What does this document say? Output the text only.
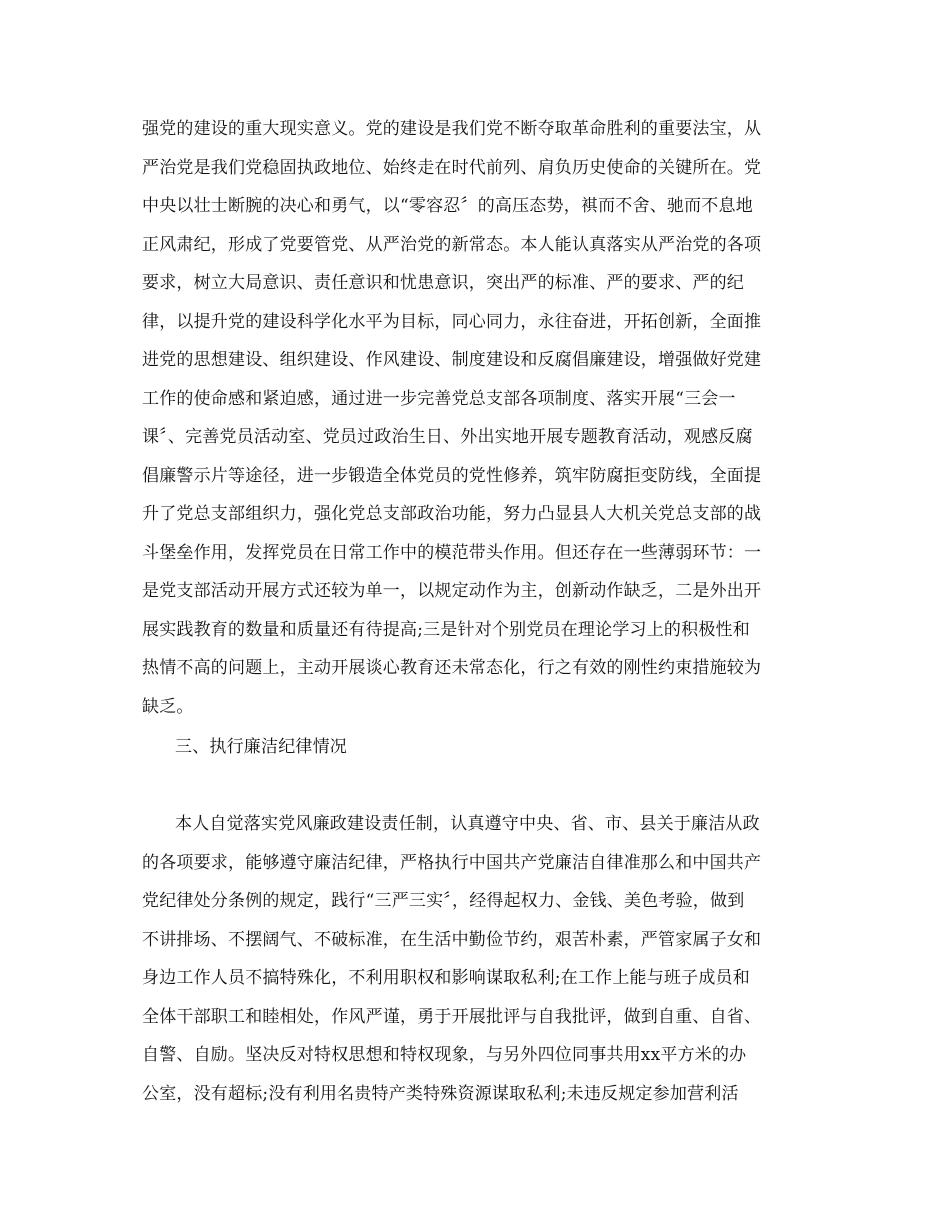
强党的建设的重大现实意义。党的建设是我们党不断夺取革命胜利的重要法宝，从
严治党是我们党稳固执政地位、始终走在时代前列、肩负历史使命的关键所在。党
中央以壮士断腕的决心和勇气，以“零容忍〞的高压态势，褀而不舍、驰而不息地
正风肃纪，形成了党要管党、从严治党的新常态。本人能认真落实从严治党的各项
要求，树立大局意识、责任意识和忧患意识，突出严的标准、严的要求、严的纪
律，以提升党的建设科学化水平为目标，同心同力，永往奋进，开拓创新，全面推
进党的思想建设、组织建设、作风建设、制度建设和反腐倡廉建设，增强做好党建
工作的使命感和紧迫感，通过进一步完善党总支部各项制度、落实开展“三会一
课〞、完善党员活动室、党员过政治生日、外出实地开展专题教育活动，观感反腐
倡廉警示片等途径，进一步锻造全体党员的党性修养，筑牢防腐拒变防线，全面提
升了党总支部组织力，强化党总支部政治功能，努力凸显县人大机关党总支部的战
斗堡垒作用，发挥党员在日常工作中的模范带头作用。但还存在一些薄弱环节：一
是党支部活动开展方式还较为单一，以规定动作为主，创新动作缺乏，二是外出开
展实践教育的数量和质量还有待提高;三是针对个别党员在理论学习上的积极性和
热情不高的问题上，主动开展谈心教育还未常态化，行之有效的刚性约束措施较为
缺乏。
三、执行廉洁纪律情况
本人自觉落实党风廉政建设责任制，认真遵守中央、省、市、县关于廉洁从政
的各项要求，能够遵守廉洁纪律，严格执行中国共产党廉洁自律准那么和中国共产
党纪律处分条例的规定，践行“三严三实〞，经得起权力、金钱、美色考验，做到
不讲排场、不摆阔气、不破标准，在生活中勤俭节约，艰苦朴素，严管家属子女和
身边工作人员不搞特殊化，不利用职权和影响谋取私利;在工作上能与班子成员和
全体干部职工和睦相处，作风严谨，勇于开展批评与自我批评，做到自重、自省、
自警、自励。坚决反对特权思想和特权现象，与另外四位同事共用xx平方米的办
公室，没有超标;没有利用名贵特产类特殊资源谋取私利;未违反规定参加营利活
